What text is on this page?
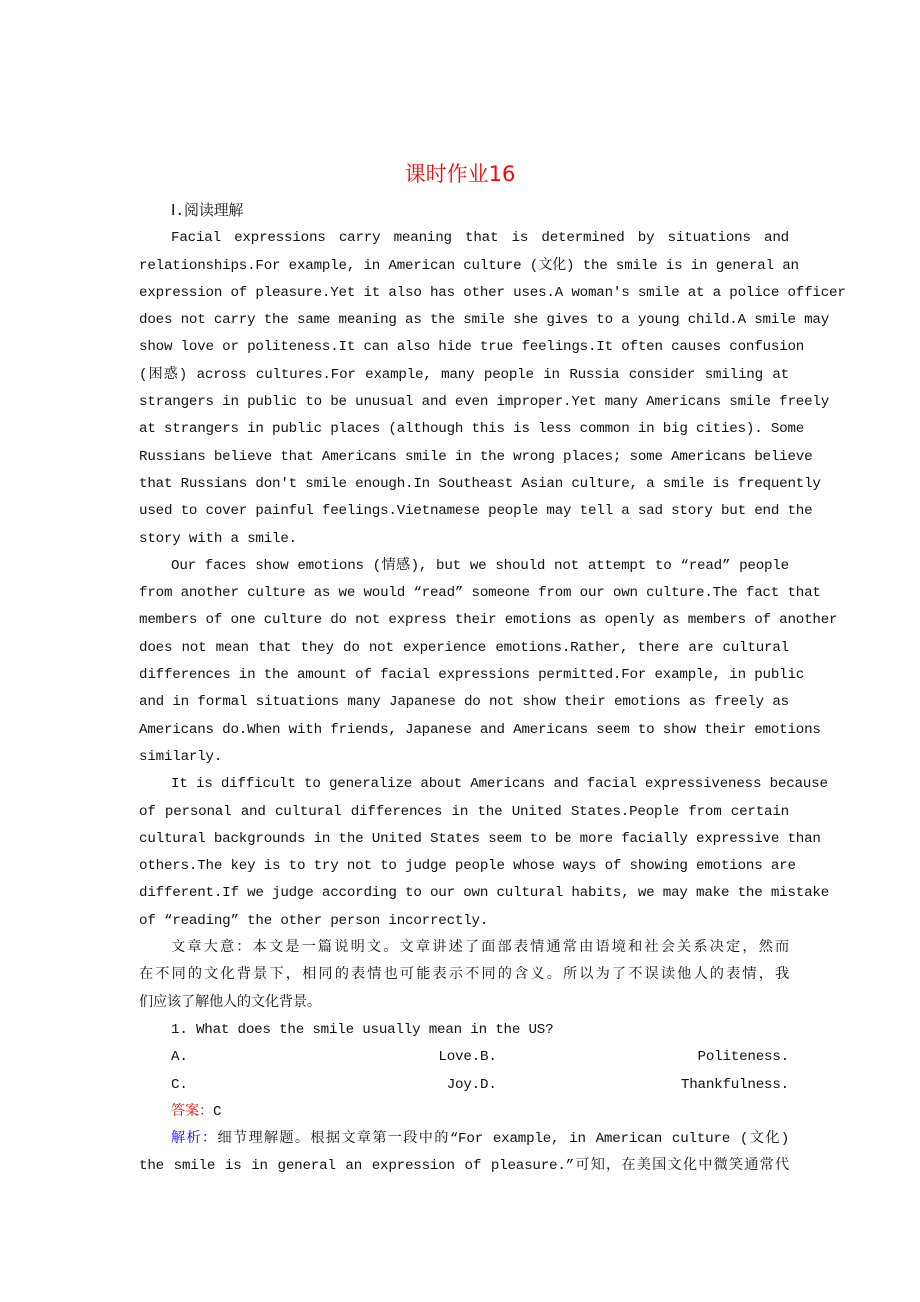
课时作业16
Ⅰ.阅读理解
Facial expressions carry meaning that is determined by situations and
relationships.For example, in American culture (文化) the smile is in general an
expression of pleasure.Yet it also has other uses.A woman's smile at a police officer
does not carry the same meaning as the smile she gives to a young child.A smile may
show love or politeness.It can also hide true feelings.It often causes confusion
(困惑) across cultures.For example, many people in Russia consider smiling at
strangers in public to be unusual and even improper.Yet many Americans smile freely
at strangers in public places (although this is less common in big cities). Some
Russians believe that Americans smile in the wrong places; some Americans believe
that Russians don't smile enough.In Southeast Asian culture, a smile is frequently
used to cover painful feelings.Vietnamese people may tell a sad story but end the
story with a smile.
Our faces show emotions (情感), but we should not attempt to “read” people
from another culture as we would “read” someone from our own culture.The fact that
members of one culture do not express their emotions as openly as members of another
does not mean that they do not experience emotions.Rather, there are cultural
differences in the amount of facial expressions permitted.For example, in public
and in formal situations many Japanese do not show their emotions as freely as
Americans do.When with friends, Japanese and Americans seem to show their emotions
similarly.
It is difficult to generalize about Americans and facial expressiveness because
of personal and cultural differences in the United States.People from certain
cultural backgrounds in the United States seem to be more facially expressive than
others.The key is to try not to judge people whose ways of showing emotions are
different.If we judge according to our own cultural habits, we may make the mistake
of “reading” the other person incorrectly.
文章大意：本文是一篇说明文。文章讲述了面部表情通常由语境和社会关系决定，然而
在不同的文化背景下，相同的表情也可能表示不同的含义。所以为了不误读他人的表情，我
们应该了解他人的文化背景。
1. What does the smile usually mean in the US?
A. Love. B. Politeness.
C. Joy. D. Thankfulness.
答案：C
解析：细节理解题。根据文章第一段中的“For example, in American culture (文化)
the smile is in general an expression of pleasure.”可知，在美国文化中微笑通常代
